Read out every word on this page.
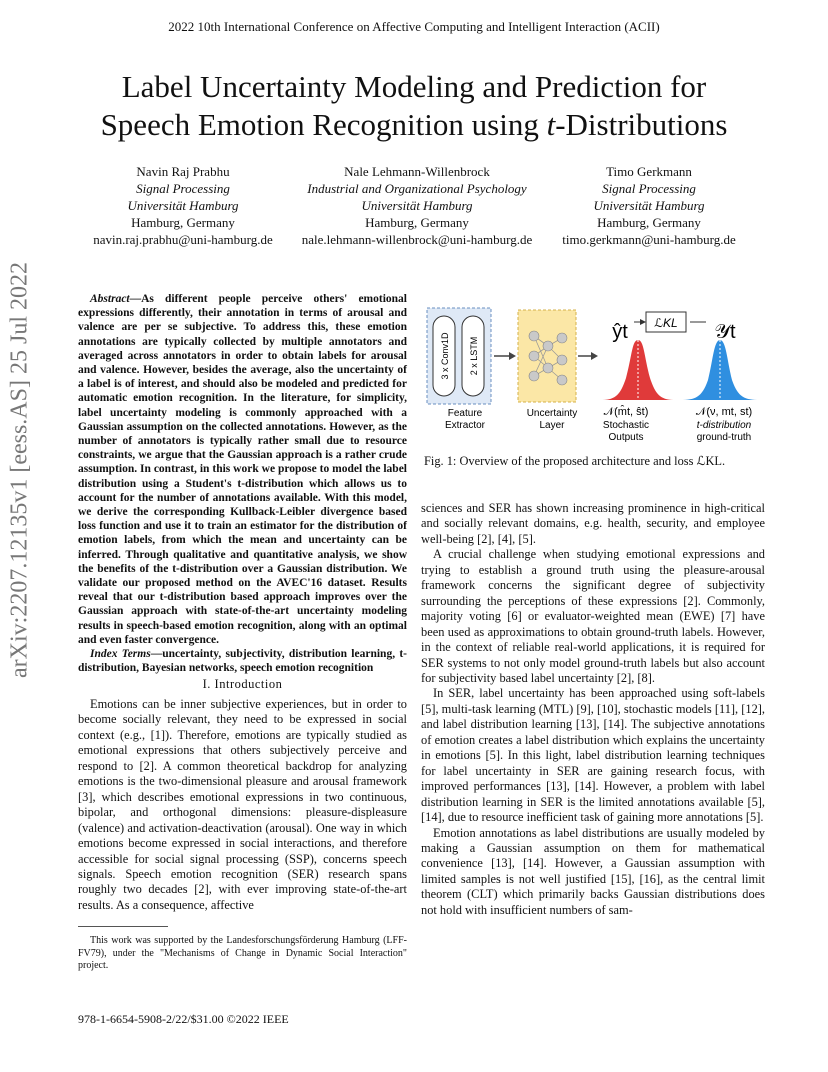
2022 10th International Conference on Affective Computing and Intelligent Interaction (ACII)
Label Uncertainty Modeling and Prediction for
Speech Emotion Recognition using t-Distributions
Navin Raj Prabhu
Signal Processing
Universität Hamburg
Hamburg, Germany
navin.raj.prabhu@uni-hamburg.de
Nale Lehmann-Willenbrock
Industrial and Organizational Psychology
Universität Hamburg
Hamburg, Germany
nale.lehmann-willenbrock@uni-hamburg.de
Timo Gerkmann
Signal Processing
Universität Hamburg
Hamburg, Germany
timo.gerkmann@uni-hamburg.de
arXiv:2207.12135v1 [eess.AS] 25 Jul 2022	Abstract—As different people perceive others' emotional expressions differently, their annotation in terms of arousal and valence are per se subjective. To address this, these emotion annotations are typically collected by multiple annotators and averaged across annotators in order to obtain labels for arousal and valence. However, besides the average, also the uncertainty of a label is of interest, and should also be modeled and predicted for automatic emotion recognition. In the literature, for simplicity, label uncertainty modeling is commonly approached with a Gaussian assumption on the collected annotations. However, as the number of annotators is typically rather small due to resource constraints, we argue that the Gaussian approach is a rather crude assumption. In contrast, in this work we propose to model the label distribution using a Student's t-distribution which allows us to account for the number of annotations available. With this model, we derive the corresponding Kullback-Leibler divergence based loss function and use it to train an estimator for the distribution of emotion labels, from which the mean and uncertainty can be inferred. Through qualitative and quantitative analysis, we show the benefits of the t-distribution over a Gaussian distribution. We validate our proposed method on the AVEC'16 dataset. Results reveal that our t-distribution based approach improves over the Gaussian approach with state-of-the-art uncertainty modeling results in speech-based emotion recognition, along with an optimal and even faster convergence.
Index Terms—uncertainty, subjectivity, distribution learning, t-distribution, Bayesian networks, speech emotion recognition
I. Introduction

Emotions can be inner subjective experiences, but in order to become socially relevant, they need to be expressed in social context (e.g., [1]). Therefore, emotions are typically studied as emotional expressions that others subjectively perceive and respond to [2]. A common theoretical backdrop for analyzing emotions is the two-dimensional pleasure and arousal framework [3], which describes emotional expressions in two continuous, bipolar, and orthogonal dimensions: pleasure-displeasure (valence) and activation-deactivation (arousal). One way in which emotions become expressed in social interactions, and therefore accessible for social signal processing (SSP), concerns speech signals. Speech emotion recognition (SER) research spans roughly two decades [2], with ever improving state-of-the-art results. As a consequence, affective

This work was supported by the Landesforschungsförderung Hamburg (LFF-FV79), under the "Mechanisms of Change in Dynamic Social Interaction" project.
978-1-6654-5908-2/22/$31.00 ©2022 IEEE
3 x Conv1D 2 x LSTM
ℒKL
ŷt	𝒴t
Feature
Extractor
Uncertainty
Layer
𝒩(m̂t, ŝt)
Stochastic
Outputs
𝒩(ν, mt, st)
t-distribution
ground-truth
Fig. 1: Overview of the proposed architecture and loss ℒKL.

sciences and SER has shown increasing prominence in high-critical and socially relevant domains, e.g. health, security, and employee well-being [2], [4], [5].

A crucial challenge when studying emotional expressions and trying to establish a ground truth using the pleasure-arousal framework concerns the significant degree of subjectivity surrounding the perceptions of these expressions [2]. Commonly, majority voting [6] or evaluator-weighted mean (EWE) [7] have been used as approximations to obtain ground-truth labels. However, in the context of reliable real-world applications, it is required for SER systems to not only model ground-truth labels but also account for subjectivity based label uncertainty [2], [8].

In SER, label uncertainty has been approached using soft-labels [5], multi-task learning (MTL) [9], [10], stochastic models [11], [12], and label distribution learning [13], [14]. The subjective annotations of emotion creates a label distribution which explains the uncertainty in emotions [5]. In this light, label distribution learning techniques for label uncertainty in SER are gaining research focus, with improved performances [13], [14]. However, a problem with label distribution learning in SER is the limited annotations available [5], [14], due to resource inefficient task of gaining more annotations [5].

Emotion annotations as label distributions are usually modeled by making a Gaussian assumption on them for mathematical convenience [13], [14]. However, a Gaussian assumption with limited samples is not well justified [15], [16], as the central limit theorem (CLT) which primarily backs Gaussian distributions does not hold with insufficient numbers of sam-
